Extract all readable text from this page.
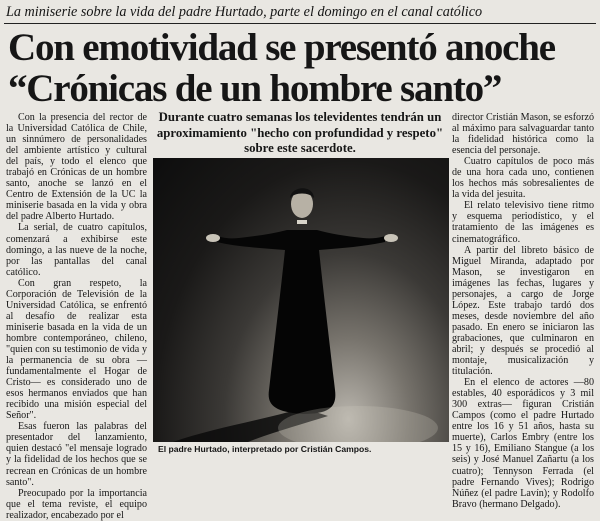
La miniserie sobre la vida del padre Hurtado, parte el domingo en el canal católico
Con emotividad se presentó anoche
“Crónicas de un hombre santo”

Con la presencia del rector de la Universidad Católica de Chile, un sinnúmero de personalidades del ambiente artístico y cultural del país, y todo el elenco que trabajó en Crónicas de un hombre santo, anoche se lanzó en el Centro de Extensión de la UC la miniserie basada en la vida y obra del padre Alberto Hurtado.

La serial, de cuatro capítulos, comenzará a exhibirse este domingo, a las nueve de la noche, por las pantallas del canal católico.

Con gran respeto, la Corporación de Televisión de la Universidad Católica, se enfrentó al desafío de realizar esta miniserie basada en la vida de un hombre contemporáneo, chileno, "quien con su testimonio de vida y la permanencia de su obra —fundamentalmente el Hogar de Cristo— es considerado uno de esos hermanos enviados que han recibido una misión especial del Señor".

Esas fueron las palabras del presentador del lanzamiento, quien destacó "el mensaje logrado y la fidelidad de los hechos que se recrean en Crónicas de un hombre santo".

Preocupado por la importancia que el tema reviste, el equipo realizador, encabezado por el

Durante cuatro semanas los televidentes tendrán un
aproximamiento "hecho con profundidad y respeto"
sobre este sacerdote.
El padre Hurtado, interpretado por Cristián Campos.

director Cristián Mason, se esforzó al máximo para salvaguardar tanto la fidelidad histórica como la esencia del personaje.

Cuatro capítulos de poco más de una hora cada uno, contienen los hechos más sobresalientes de la vida del jesuita.

El relato televisivo tiene ritmo y esquema periodístico, y el tratamiento de las imágenes es cinematográfico.

A partir del libreto básico de Miguel Miranda, adaptado por Mason, se investigaron en imágenes las fechas, lugares y personajes, a cargo de Jorge López. Este trabajo tardó dos meses, desde noviembre del año pasado. En enero se iniciaron las grabaciones, que culminaron en abril; y después se procedió al montaje, musicalización y titulación.

En el elenco de actores —80 estables, 40 esporádicos y 3 mil 300 extras— figuran Cristián Campos (como el padre Hurtado entre los 16 y 51 años, hasta su muerte), Carlos Embry (entre los 15 y 16), Emiliano Stangue (a los seis) y José Manuel Zañartu (a los cuatro); Tennyson Ferrada (el padre Fernando Vives); Rodrigo Núñez (el padre Lavín); y Rodolfo Bravo (hermano Delgado).
